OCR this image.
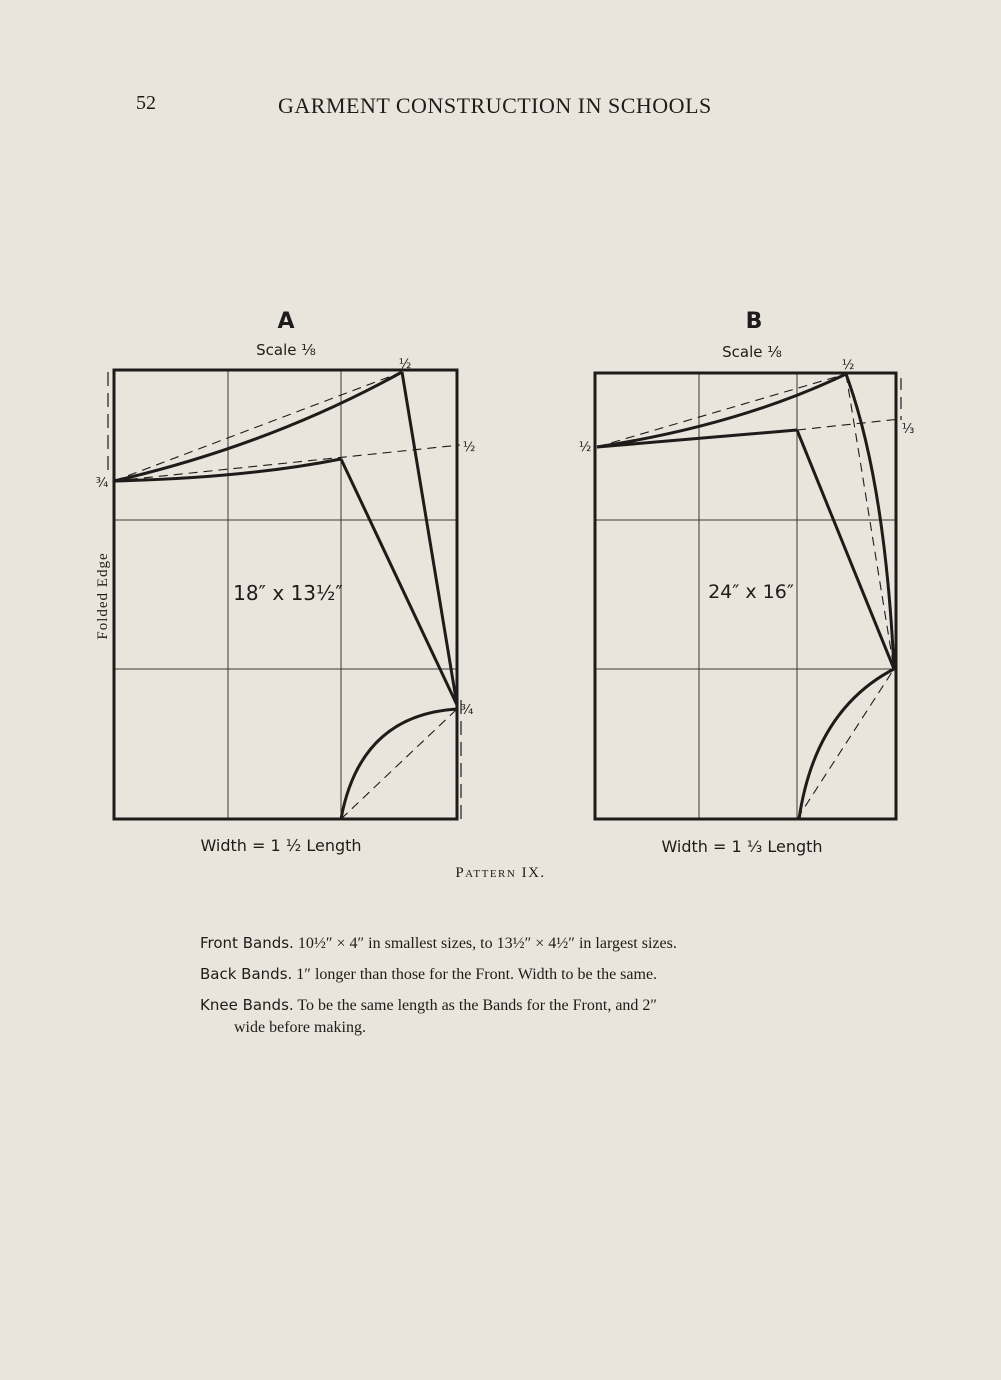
52	GARMENT CONSTRUCTION IN SCHOOLS
A
Scale ⅛
½
½
¾
¾
18″ x 13½″
Folded Edge
Width = 1 ½ Length
B
Scale ⅛
½
½
⅓
24″ x 16″
Width = 1 ⅓ Length
Pattern IX.
Front Bands. 10½″ × 4″ in smallest sizes, to 13½″ × 4½″ in largest sizes.
Back Bands. 1″ longer than those for the Front. Width to be the same.
Knee Bands. To be the same length as the Bands for the Front, and 2″
wide before making.
